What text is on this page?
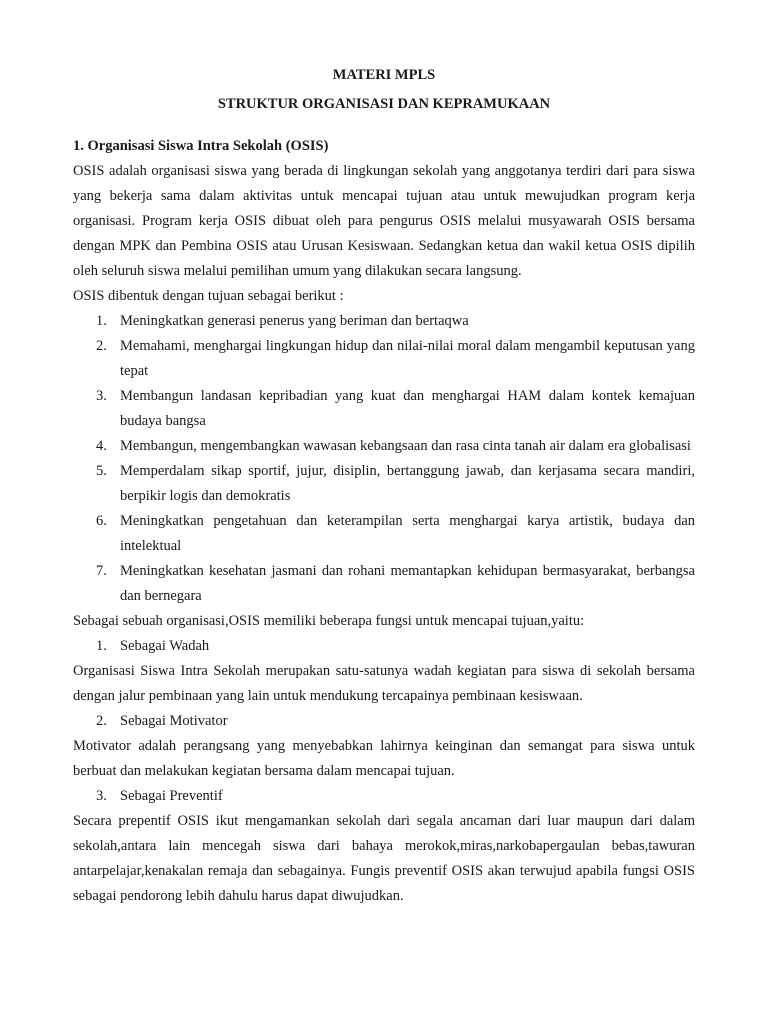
MATERI MPLS
STRUKTUR ORGANISASI DAN KEPRAMUKAAN
1. Organisasi Siswa Intra Sekolah (OSIS)

OSIS adalah organisasi siswa yang berada di lingkungan sekolah yang anggotanya terdiri dari para siswa yang bekerja sama dalam aktivitas untuk mencapai tujuan atau untuk mewujudkan program kerja organisasi. Program kerja OSIS dibuat oleh para pengurus OSIS melalui musyawarah OSIS bersama dengan MPK dan Pembina OSIS atau Urusan Kesiswaan. Sedangkan ketua dan wakil ketua OSIS dipilih oleh seluruh siswa melalui pemilihan umum yang dilakukan secara langsung.

OSIS dibentuk dengan tujuan sebagai berikut :

1. Meningkatkan generasi penerus yang beriman dan bertaqwa
2. Memahami, menghargai lingkungan hidup dan nilai-nilai moral dalam mengambil keputusan yang tepat
3. Membangun landasan kepribadian yang kuat dan menghargai HAM dalam kontek kemajuan budaya bangsa
4. Membangun, mengembangkan wawasan kebangsaan dan rasa cinta tanah air dalam era globalisasi
5. Memperdalam sikap sportif, jujur, disiplin, bertanggung jawab, dan kerjasama secara mandiri, berpikir logis dan demokratis
6. Meningkatkan pengetahuan dan keterampilan serta menghargai karya artistik, budaya dan intelektual
7. Meningkatkan kesehatan jasmani dan rohani memantapkan kehidupan bermasyarakat, berbangsa dan bernegara

Sebagai sebuah organisasi,OSIS memiliki beberapa fungsi untuk mencapai tujuan,yaitu:

1. Sebagai Wadah

Organisasi Siswa Intra Sekolah merupakan satu-satunya wadah kegiatan para siswa di sekolah bersama dengan jalur pembinaan yang lain untuk mendukung tercapainya pembinaan kesiswaan.

2. Sebagai Motivator

Motivator adalah perangsang yang menyebabkan lahirnya keinginan dan semangat para siswa untuk berbuat dan melakukan kegiatan bersama dalam mencapai tujuan.

3. Sebagai Preventif

Secara prepentif OSIS ikut mengamankan sekolah dari segala ancaman dari luar maupun dari dalam sekolah,antara lain mencegah siswa dari bahaya merokok,miras,narkobapergaulan bebas,tawuran antarpelajar,kenakalan remaja dan sebagainya. Fungis preventif OSIS akan terwujud apabila fungsi OSIS sebagai pendorong lebih dahulu harus dapat diwujudkan.
